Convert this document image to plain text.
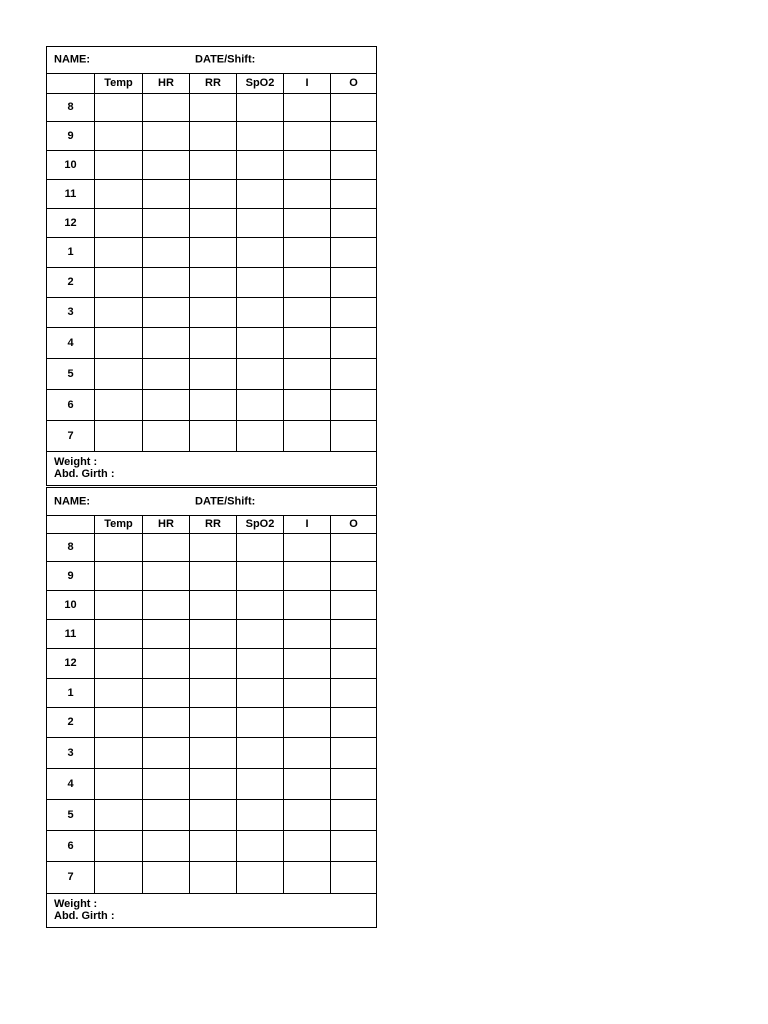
NAME: DATE/Shift:						

	Temp	HR	RR	SpO2	I	O
8						
9						
10						
11						
12						
1						
2						
3						
4						
5						
6						
7						

Weight :
Abd. Girth :						
NAME: DATE/Shift:						

	Temp	HR	RR	SpO2	I	O
8						
9						
10						
11						
12						
1						
2						
3						
4						
5						
6						
7						

Weight :
Abd. Girth :						
